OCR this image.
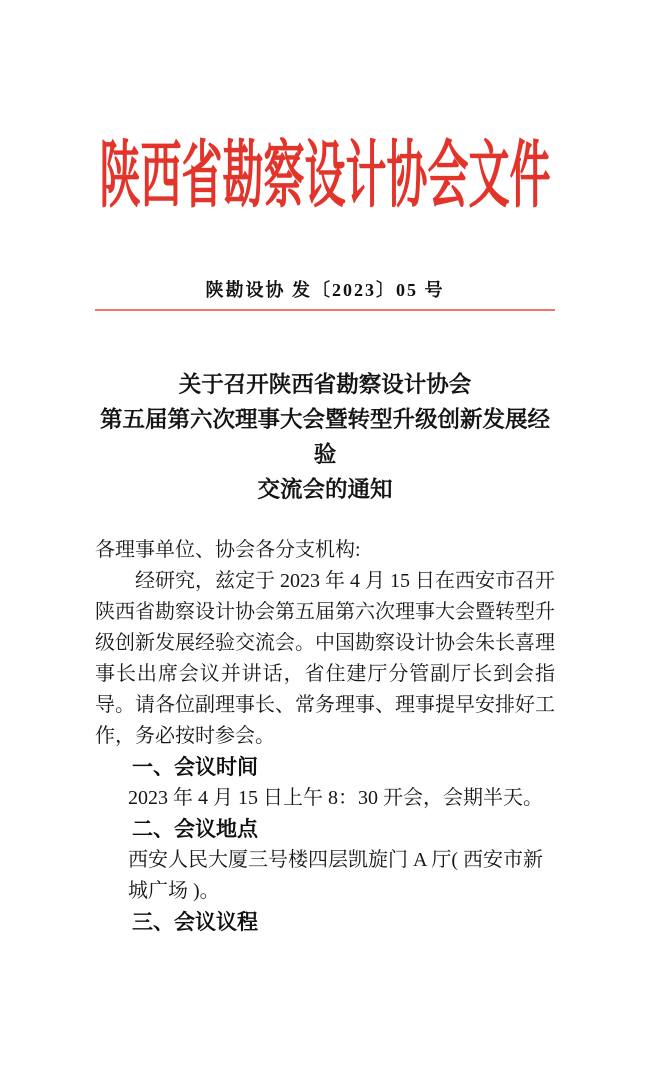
陕西省勘察设计协会文件
陕勘设协 发〔2023〕05 号
关于召开陕西省勘察设计协会
第五届第六次理事大会暨转型升级创新发展经验
交流会的通知
各理事单位、协会各分支机构:
经研究，兹定于 2023 年 4 月 15 日在西安市召开陕西省勘察设计协会第五届第六次理事大会暨转型升级创新发展经验交流会。中国勘察设计协会朱长喜理事长出席会议并讲话，省住建厅分管副厅长到会指导。请各位副理事长、常务理事、理事提早安排好工作，务必按时参会。
一、会议时间
2023 年 4 月 15 日上午 8：30 开会，会期半天。
二、会议地点
西安人民大厦三号楼四层凯旋门 A 厅( 西安市新城广场 )。
三、会议议程
